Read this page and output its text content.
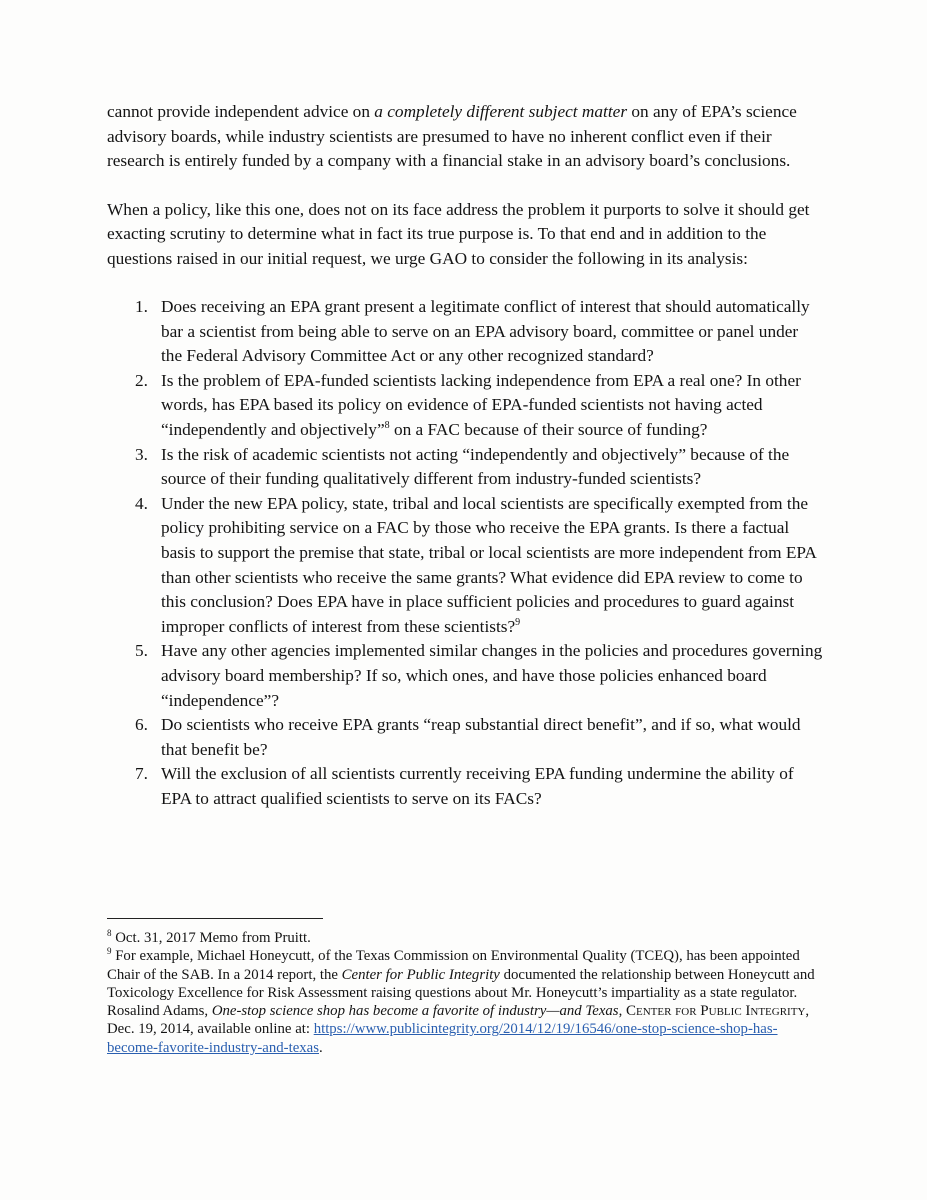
cannot provide independent advice on a completely different subject matter on any of EPA’s science advisory boards, while industry scientists are presumed to have no inherent conflict even if their research is entirely funded by a company with a financial stake in an advisory board’s conclusions.

When a policy, like this one, does not on its face address the problem it purports to solve it should get exacting scrutiny to determine what in fact its true purpose is. To that end and in addition to the questions raised in our initial request, we urge GAO to consider the following in its analysis:

1. Does receiving an EPA grant present a legitimate conflict of interest that should automatically bar a scientist from being able to serve on an EPA advisory board, committee or panel under the Federal Advisory Committee Act or any other recognized standard?
2. Is the problem of EPA-funded scientists lacking independence from EPA a real one? In other words, has EPA based its policy on evidence of EPA-funded scientists not having acted “independently and objectively”$^8$ on a FAC because of their source of funding?
3. Is the risk of academic scientists not acting “independently and objectively” because of the source of their funding qualitatively different from industry-funded scientists?
4. Under the new EPA policy, state, tribal and local scientists are specifically exempted from the policy prohibiting service on a FAC by those who receive the EPA grants. Is there a factual basis to support the premise that state, tribal or local scientists are more independent from EPA than other scientists who receive the same grants? What evidence did EPA review to come to this conclusion? Does EPA have in place sufficient policies and procedures to guard against improper conflicts of interest from these scientists?$^9$
5. Have any other agencies implemented similar changes in the policies and procedures governing advisory board membership? If so, which ones, and have those policies enhanced board “independence”?
6. Do scientists who receive EPA grants “reap substantial direct benefit”, and if so, what would that benefit be?
7. Will the exclusion of all scientists currently receiving EPA funding undermine the ability of EPA to attract qualified scientists to serve on its FACs?

$^8$ Oct. 31, 2017 Memo from Pruitt.

$^9$ For example, Michael Honeycutt, of the Texas Commission on Environmental Quality (TCEQ), has been appointed Chair of the SAB. In a 2014 report, the Center for Public Integrity documented the relationship between Honeycutt and Toxicology Excellence for Risk Assessment raising questions about Mr. Honeycutt’s impartiality as a state regulator. Rosalind Adams, One-stop science shop has become a favorite of industry—and Texas, Center for Public Integrity, Dec. 19, 2014, available online at: https://www.publicintegrity.org/2014/12/19/16546/one-stop-science-shop-has-become-favorite-industry-and-texas.
